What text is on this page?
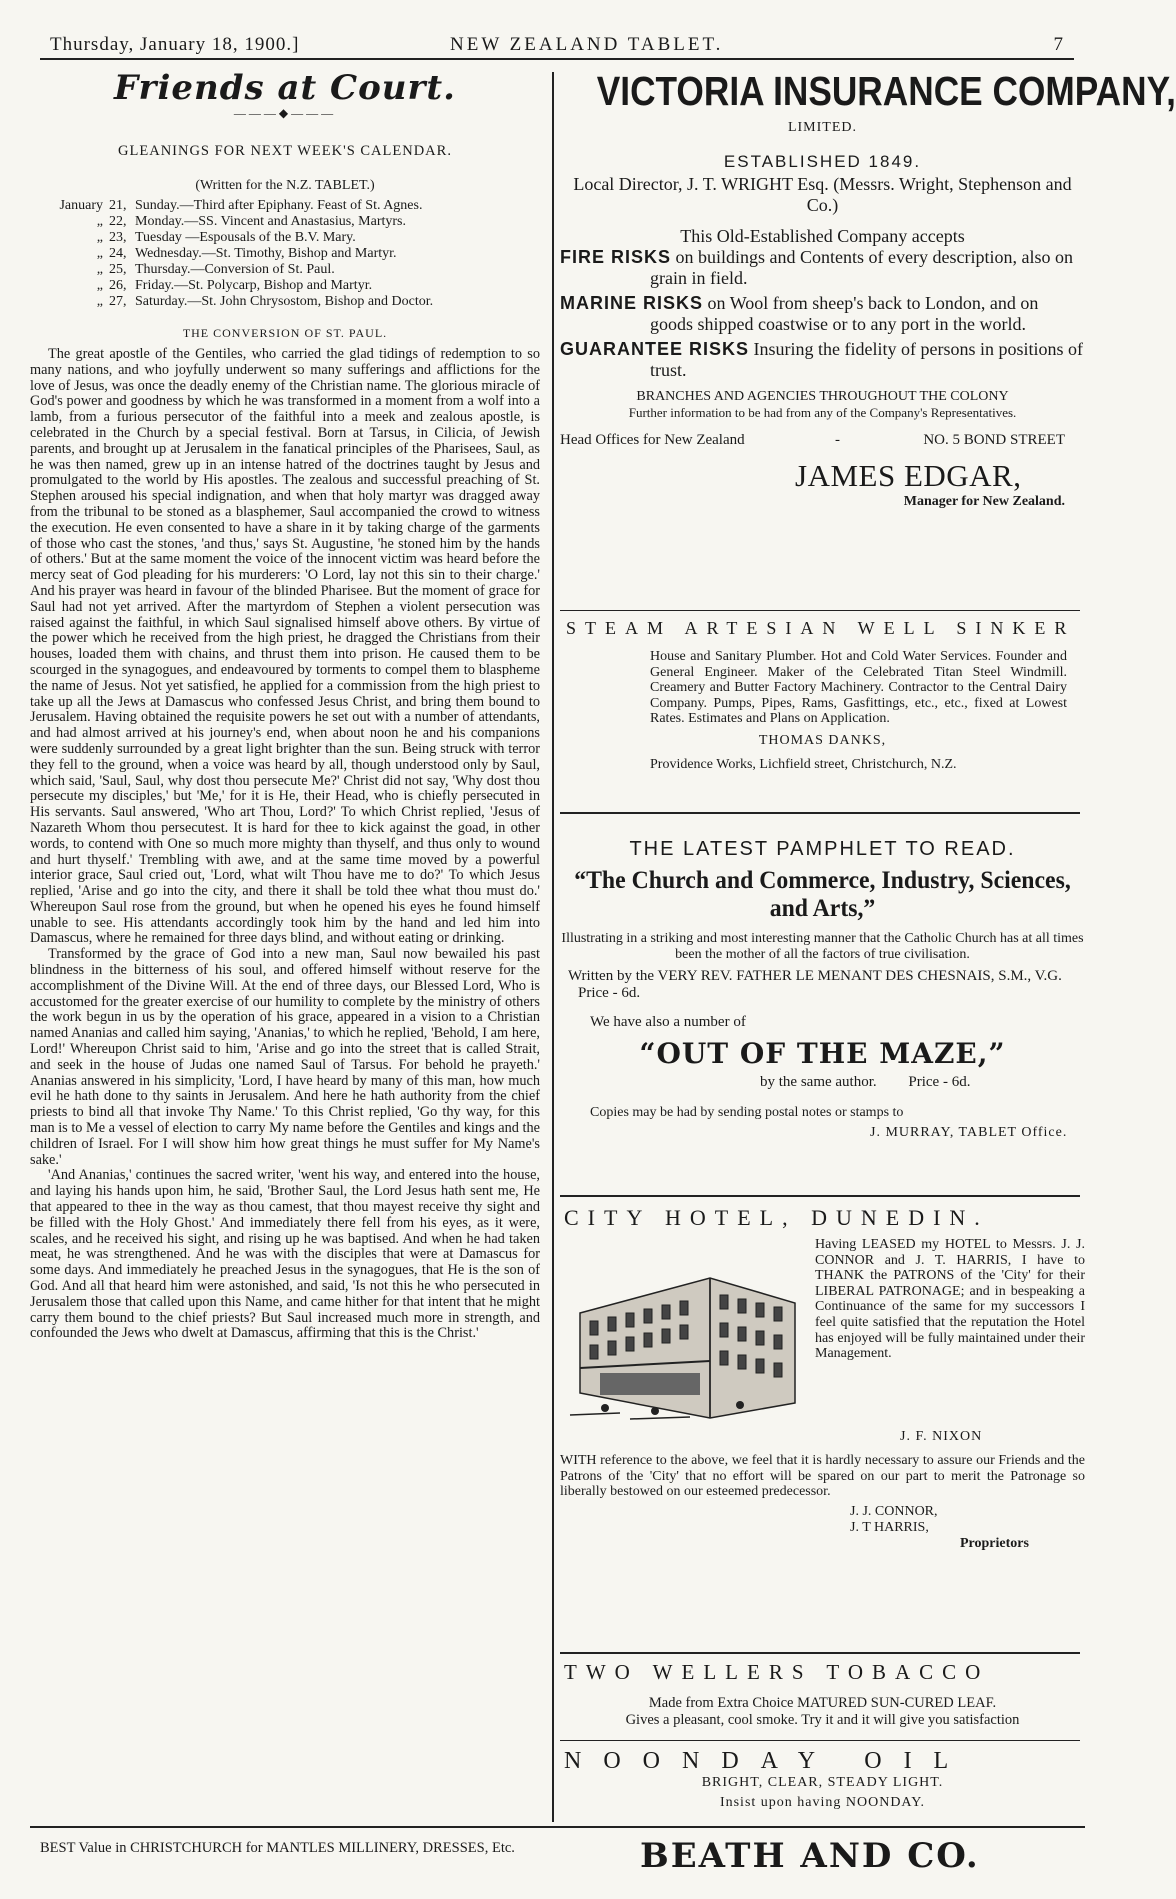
Thursday, January 18, 1900.]	NEW ZEALAND TABLET.	7
Friends at Court.
———◆———
GLEANINGS FOR NEXT WEEK'S CALENDAR.
(Written for the N.Z. TABLET.)
January 21, Sunday.—Third after Epiphany. Feast of St. Agnes.
„ 22, Monday.—SS. Vincent and Anastasius, Martyrs.
„ 23, Tuesday —Espousals of the B.V. Mary.
„ 24, Wednesday.—St. Timothy, Bishop and Martyr.
„ 25, Thursday.—Conversion of St. Paul.
„ 26, Friday.—St. Polycarp, Bishop and Martyr.
„ 27, Saturday.—St. John Chrysostom, Bishop and Doctor.
THE CONVERSION OF ST. PAUL.

The great apostle of the Gentiles, who carried the glad tidings of redemption to so many nations, and who joyfully underwent so many sufferings and afflictions for the love of Jesus, was once the deadly enemy of the Christian name. The glorious miracle of God's power and goodness by which he was transformed in a moment from a wolf into a lamb, from a furious persecutor of the faithful into a meek and zealous apostle, is celebrated in the Church by a special festival. Born at Tarsus, in Cilicia, of Jewish parents, and brought up at Jerusalem in the fanatical principles of the Pharisees, Saul, as he was then named, grew up in an intense hatred of the doctrines taught by Jesus and promulgated to the world by His apostles. The zealous and successful preaching of St. Stephen aroused his special indignation, and when that holy martyr was dragged away from the tribunal to be stoned as a blasphemer, Saul accompanied the crowd to witness the execution. He even consented to have a share in it by taking charge of the garments of those who cast the stones, 'and thus,' says St. Augustine, 'he stoned him by the hands of others.' But at the same moment the voice of the innocent victim was heard before the mercy seat of God pleading for his murderers: 'O Lord, lay not this sin to their charge.' And his prayer was heard in favour of the blinded Pharisee. But the moment of grace for Saul had not yet arrived. After the martyrdom of Stephen a violent persecution was raised against the faithful, in which Saul signalised himself above others. By virtue of the power which he received from the high priest, he dragged the Christians from their houses, loaded them with chains, and thrust them into prison. He caused them to be scourged in the synagogues, and endeavoured by torments to compel them to blaspheme the name of Jesus. Not yet satisfied, he applied for a commission from the high priest to take up all the Jews at Damascus who confessed Jesus Christ, and bring them bound to Jerusalem. Having obtained the requisite powers he set out with a number of attendants, and had almost arrived at his journey's end, when about noon he and his companions were suddenly surrounded by a great light brighter than the sun. Being struck with terror they fell to the ground, when a voice was heard by all, though understood only by Saul, which said, 'Saul, Saul, why dost thou persecute Me?' Christ did not say, 'Why dost thou persecute my disciples,' but 'Me,' for it is He, their Head, who is chiefly persecuted in His servants. Saul answered, 'Who art Thou, Lord?' To which Christ replied, 'Jesus of Nazareth Whom thou persecutest. It is hard for thee to kick against the goad, in other words, to contend with One so much more mighty than thyself, and thus only to wound and hurt thyself.' Trembling with awe, and at the same time moved by a powerful interior grace, Saul cried out, 'Lord, what wilt Thou have me to do?' To which Jesus replied, 'Arise and go into the city, and there it shall be told thee what thou must do.' Whereupon Saul rose from the ground, but when he opened his eyes he found himself unable to see. His attendants accordingly took him by the hand and led him into Damascus, where he remained for three days blind, and without eating or drinking.

Transformed by the grace of God into a new man, Saul now bewailed his past blindness in the bitterness of his soul, and offered himself without reserve for the accomplishment of the Divine Will. At the end of three days, our Blessed Lord, Who is accustomed for the greater exercise of our humility to complete by the ministry of others the work begun in us by the operation of his grace, appeared in a vision to a Christian named Ananias and called him saying, 'Ananias,' to which he replied, 'Behold, I am here, Lord!' Whereupon Christ said to him, 'Arise and go into the street that is called Strait, and seek in the house of Judas one named Saul of Tarsus. For behold he prayeth.' Ananias answered in his simplicity, 'Lord, I have heard by many of this man, how much evil he hath done to thy saints in Jerusalem. And here he hath authority from the chief priests to bind all that invoke Thy Name.' To this Christ replied, 'Go thy way, for this man is to Me a vessel of election to carry My name before the Gentiles and kings and the children of Israel. For I will show him how great things he must suffer for My Name's sake.'

'And Ananias,' continues the sacred writer, 'went his way, and entered into the house, and laying his hands upon him, he said, 'Brother Saul, the Lord Jesus hath sent me, He that appeared to thee in the way as thou camest, that thou mayest receive thy sight and be filled with the Holy Ghost.' And immediately there fell from his eyes, as it were, scales, and he received his sight, and rising up he was baptised. And when he had taken meat, he was strengthened. And he was with the disciples that were at Damascus for some days. And immediately he preached Jesus in the synagogues, that He is the son of God. And all that heard him were astonished, and said, 'Is not this he who persecuted in Jerusalem those that called upon this Name, and came hither for that intent that he might carry them bound to the chief priests? But Saul increased much more in strength, and confounded the Jews who dwelt at Damascus, affirming that this is the Christ.'

VICTORIA INSURANCE COMPANY,
LIMITED.
ESTABLISHED 1849.
Local Director, J. T. WRIGHT Esq. (Messrs. Wright, Stephenson and Co.)
This Old-Established Company accepts
FIRE RISKS on buildings and Contents of every description, also on grain in field.
MARINE RISKS on Wool from sheep's back to London, and on goods shipped coastwise or to any port in the world.
GUARANTEE RISKS Insuring the fidelity of persons in positions of trust.
BRANCHES AND AGENCIES THROUGHOUT THE COLONY
Further information to be had from any of the Company's Representatives.
Head Offices for New Zealand	-	NO. 5 BOND STREET
JAMES EDGAR,
Manager for New Zealand.
STEAM ARTESIAN WELL SINKER
House and Sanitary Plumber. Hot and Cold Water Services. Founder and General Engineer. Maker of the Celebrated Titan Steel Windmill. Creamery and Butter Factory Machinery. Contractor to the Central Dairy Company. Pumps, Pipes, Rams, Gasfittings, etc., etc., fixed at Lowest Rates. Estimates and Plans on Application.
THOMAS DANKS,
Providence Works, Lichfield street, Christchurch, N.Z.
THE LATEST PAMPHLET TO READ.
“The Church and Commerce, Industry, Sciences, and Arts,”
Illustrating in a striking and most interesting manner that the Catholic Church has at all times been the mother of all the factors of true civilisation.
Written by the VERY REV. FATHER LE MENANT DES CHESNAIS, S.M., V.G. Price - 6d.
We have also a number of
“OUT OF THE MAZE,”
by the same author. Price - 6d.
Copies may be had by sending postal notes or stamps to
J. MURRAY, TABLET Office.
CITY HOTEL, DUNEDIN.
Having LEASED my HOTEL to Messrs. J. J. CONNOR and J. T. HARRIS, I have to THANK the PATRONS of the 'City' for their LIBERAL PATRONAGE; and in bespeaking a Continuance of the same for my successors I feel quite satisfied that the reputation the Hotel has enjoyed will be fully maintained under their Management.
J. F. NIXON
WITH reference to the above, we feel that it is hardly necessary to assure our Friends and the Patrons of the 'City' that no effort will be spared on our part to merit the Patronage so liberally bestowed on our esteemed predecessor.
J. J. CONNOR,
J. T HARRIS,
Proprietors
TWO WELLERS TOBACCO
Made from Extra Choice MATURED SUN-CURED LEAF.
Gives a pleasant, cool smoke. Try it and it will give you satisfaction
NOONDAY OIL
BRIGHT, CLEAR, STEADY LIGHT.
Insist upon having NOONDAY.
BEST Value in CHRISTCHURCH for MANTLES MILLINERY, DRESSES, Etc.	BEATH AND CO.
